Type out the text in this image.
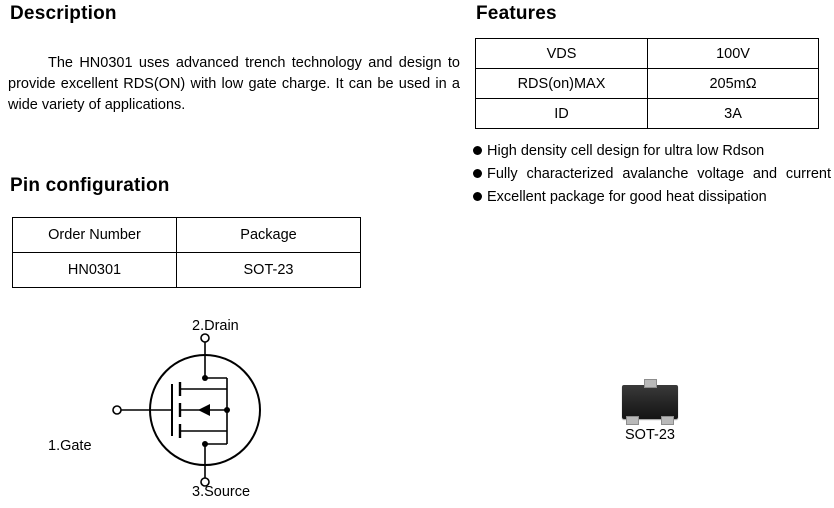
Description

The HN0301 uses advanced trench technology and design to provide excellent RDS(ON) with low gate charge. It can be used in a wide variety of applications.

Pin configuration
Order Number	Package
HN0301	SOT-23
2.Drain
1.Gate
3.Source
Features
VDS	100V
RDS(on)MAX	205mΩ
ID	3A
High density cell design for ultra low Rdson
Fully characterized avalanche voltage and current
Excellent package for good heat dissipation
SOT-23
